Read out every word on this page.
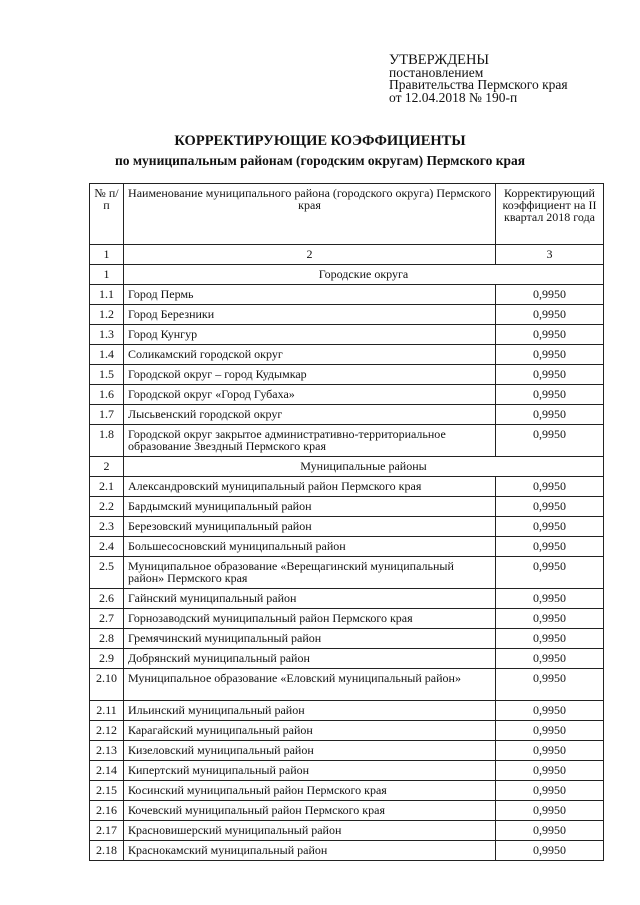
УТВЕРЖДЕНЫ
постановлением
Правительства Пермского края
от 12.04.2018 № 190-п
КОРРЕКТИРУЮЩИЕ КОЭФФИЦИЕНТЫ
по муниципальным районам (городским округам) Пермского края
№ п/п	Наименование муниципального района (городского округа) Пермского края	Корректирующий коэффициент на II квартал 2018 года
1	2	3
1	Городские округа	
1.1	Город Пермь	0,9950
1.2	Город Березники	0,9950
1.3	Город Кунгур	0,9950
1.4	Соликамский городской округ	0,9950
1.5	Городской округ – город Кудымкар	0,9950
1.6	Городской округ «Город Губаха»	0,9950
1.7	Лысьвенский городской округ	0,9950
1.8	Городской округ закрытое административно-территориальное образование Звездный Пермского края	0,9950
2	Муниципальные районы	
2.1	Александровский муниципальный район Пермского края	0,9950
2.2	Бардымский муниципальный район	0,9950
2.3	Березовский муниципальный район	0,9950
2.4	Большесосновский муниципальный район	0,9950
2.5	Муниципальное образование «Верещагинский муниципальный район» Пермского края	0,9950
2.6	Гайнский муниципальный район	0,9950
2.7	Горнозаводский муниципальный район Пермского края	0,9950
2.8	Гремячинский муниципальный район	0,9950
2.9	Добрянский муниципальный район	0,9950
2.10	Муниципальное образование «Еловский муниципальный район»	0,9950
2.11	Ильинский муниципальный район	0,9950
2.12	Карагайский муниципальный район	0,9950
2.13	Кизеловский муниципальный район	0,9950
2.14	Кипертский муниципальный район	0,9950
2.15	Косинский муниципальный район Пермского края	0,9950
2.16	Кочевский муниципальный район Пермского края	0,9950
2.17	Красновишерский муниципальный район	0,9950
2.18	Краснокамский муниципальный район	0,9950
